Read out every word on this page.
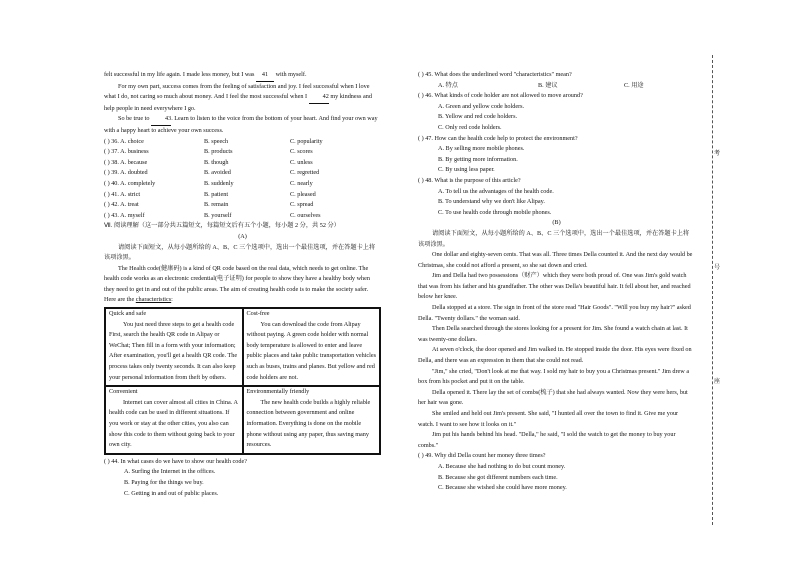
考
号
座

felt successful in my life again. I made less money, but I was 41 with myself.

For my own part, success comes from the feeling of satisfaction and joy. I feel successful when I love what I do, not caring so much about money. And I feel the most successful when I 42 my kindness and help people in need everywhere I go.

So be true to 43. Learn to listen to the voice from the bottom of your heart. And find your own way with a happy heart to achieve your own success.

( ) 36. A. choice	B. speech	C. popularity
( ) 37. A. business	B. products	C. scores
( ) 38. A. because	B. though	C. unless
( ) 39. A. doubted	B. avoided	C. regretted
( ) 40. A. completely	B. suddenly	C. nearly
( ) 41. A. strict	B. patient	C. pleased
( ) 42. A. treat	B. remain	C. spread
( ) 43. A. myself	B. yourself	C. ourselves

Ⅶ. 阅读理解（这一部分共五篇短文，每篇短文后有五个小题，每小题 2 分，共 52 分）

(A)

请阅读下面短文，从每小题所给的 A、B、C 三个选项中，选出一个最佳选项，并在答题卡上将该项涂黑。

The Health code(健康码) is a kind of QR code based on the real data, which needs to get online. The health code works as an electronic credential(电子证明) for people to show they have a healthy body when they need to get in and out of the public areas. The aim of creating health code is to make the society safer. Here are the characteristics:

Quick and safe

You just need three steps to get a health code First, search the health QR code in Alipay or WeChat; Then fill in a form with your information; After examination, you'll get a health QR code. The process takes only twenty seconds. It can also keep your personal information from theft by others.

Cost-free

You can download the code from Alipay without paying. A green code holder with normal body temperature is allowed to enter and leave public places and take public transportation vehicles such as buses, trains and planes. But yellow and red code holders are not.

Convenient

Internet can cover almost all cities in China. A health code can be used in different situations. If you work or stay at the other cities, you also can show this code to them without going back to your own city.

Environmentally friendly

The new health code builds a highly reliable connection between government and online information. Everything is done on the mobile phone without using any paper, thus saving many resources.

( ) 44. In what cases do we have to show our health code?

A. Surfing the Internet in the offices.

B. Paying for the things we buy.

C. Getting in and out of public places.

( ) 45. What does the underlined word "characteristics" mean?

A. 特点	B. 建议	C. 用途

( ) 46. What kinds of code holder are not allowed to move around?

A. Green and yellow code holders.

B. Yellow and red code holders.

C. Only red code holders.

( ) 47. How can the health code help to protect the environment?

A. By selling more mobile phones.

B. By getting more information.

C. By using less paper.

( ) 48. What is the purpose of this article?

A. To tell us the advantages of the health code.

B. To understand why we don't like Alipay.

C. To use health code through mobile phones.

(B)

请阅读下面短文，从每小题所给的 A、B、C 三个选项中，选出一个最佳选项，并在答题卡上将该项涂黑。

One dollar and eighty-seven cents. That was all. Three times Della counted it. And the next day would be Christmas, she could not afford a present, so she sat down and cried.

Jim and Della had two possessions（财产）which they were both proud of. One was Jim's gold watch that was from his father and his grandfather. The other was Della's beautiful hair. It fell about her, and reached below her knee.

Della stopped at a store. The sign in front of the store read "Hair Goods". "Will you buy my hair?" asked Della. "Twenty dollars." the woman said.

Then Della searched through the stores looking for a present for Jim. She found a watch chain at last. It was twenty-one dollars.

At seven o'clock, the door opened and Jim walked in. He stopped inside the door. His eyes were fixed on Della, and there was an expression in them that she could not read.

"Jim," she cried, "Don't look at me that way. I sold my hair to buy you a Christmas present." Jim drew a box from his pocket and put it on the table.

Della opened it. There lay the set of combs(梳子) that she had always wanted. Now they were hers, but her hair was gone.

She smiled and held out Jim's present. She said, "I hunted all over the town to find it. Give me your watch. I want to see how it looks on it."

Jim put his hands behind his head. "Della," he said, "I sold the watch to get the money to buy your combs."

( ) 49. Why did Della count her money three times?

A. Because she had nothing to do but count money.

B. Because she got different numbers each time.

C. Because she wished she could have more money.
